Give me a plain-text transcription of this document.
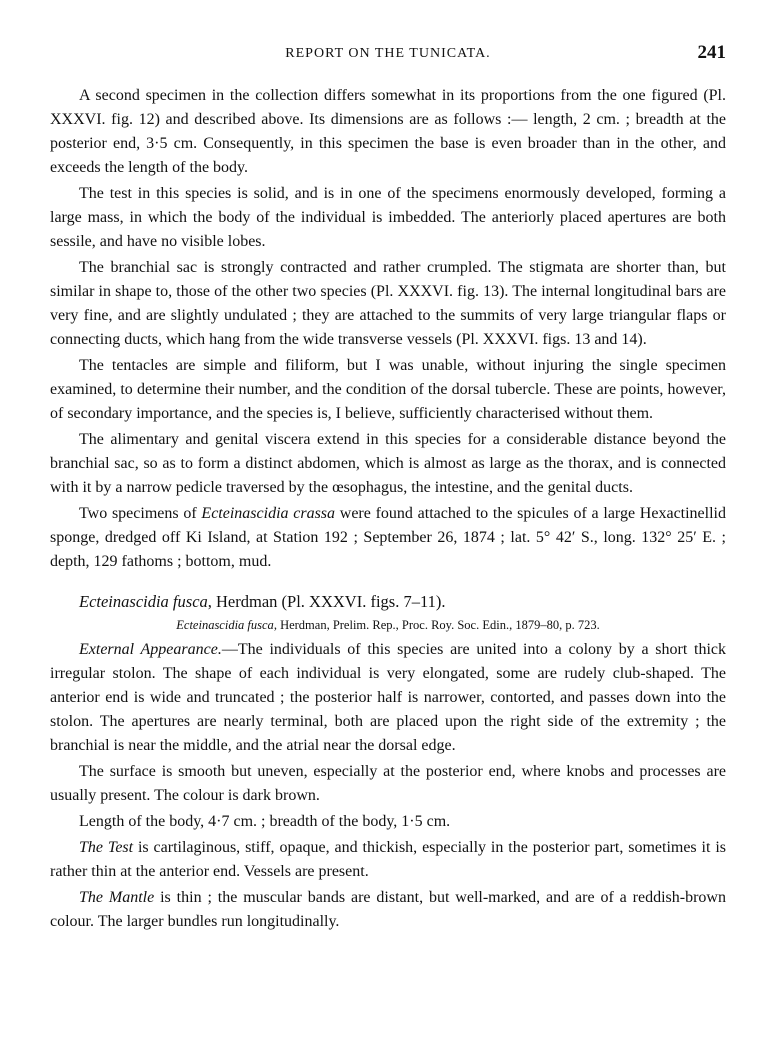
REPORT ON THE TUNICATA.	241

A second specimen in the collection differs somewhat in its proportions from the one figured (Pl. XXXVI. fig. 12) and described above. Its dimensions are as follows :— length, 2 cm. ; breadth at the posterior end, 3·5 cm. Consequently, in this specimen the base is even broader than in the other, and exceeds the length of the body.

The test in this species is solid, and is in one of the specimens enormously developed, forming a large mass, in which the body of the individual is imbedded. The anteriorly placed apertures are both sessile, and have no visible lobes.

The branchial sac is strongly contracted and rather crumpled. The stigmata are shorter than, but similar in shape to, those of the other two species (Pl. XXXVI. fig. 13). The internal longitudinal bars are very fine, and are slightly undulated ; they are attached to the summits of very large triangular flaps or connecting ducts, which hang from the wide transverse vessels (Pl. XXXVI. figs. 13 and 14).

The tentacles are simple and filiform, but I was unable, without injuring the single specimen examined, to determine their number, and the condition of the dorsal tubercle. These are points, however, of secondary importance, and the species is, I believe, sufficiently characterised without them.

The alimentary and genital viscera extend in this species for a considerable distance beyond the branchial sac, so as to form a distinct abdomen, which is almost as large as the thorax, and is connected with it by a narrow pedicle traversed by the œsophagus, the intestine, and the genital ducts.

Two specimens of Ecteinascidia crassa were found attached to the spicules of a large Hexactinellid sponge, dredged off Ki Island, at Station 192 ; September 26, 1874 ; lat. 5° 42′ S., long. 132° 25′ E. ; depth, 129 fathoms ; bottom, mud.

Ecteinascidia fusca, Herdman (Pl. XXXVI. figs. 7–11).
Ecteinascidia fusca, Herdman, Prelim. Rep., Proc. Roy. Soc. Edin., 1879–80, p. 723.

External Appearance.—The individuals of this species are united into a colony by a short thick irregular stolon. The shape of each individual is very elongated, some are rudely club-shaped. The anterior end is wide and truncated ; the posterior half is narrower, contorted, and passes down into the stolon. The apertures are nearly terminal, both are placed upon the right side of the extremity ; the branchial is near the middle, and the atrial near the dorsal edge.

The surface is smooth but uneven, especially at the posterior end, where knobs and processes are usually present. The colour is dark brown.

Length of the body, 4·7 cm. ; breadth of the body, 1·5 cm.

The Test is cartilaginous, stiff, opaque, and thickish, especially in the posterior part, sometimes it is rather thin at the anterior end. Vessels are present.

The Mantle is thin ; the muscular bands are distant, but well-marked, and are of a reddish-brown colour. The larger bundles run longitudinally.
